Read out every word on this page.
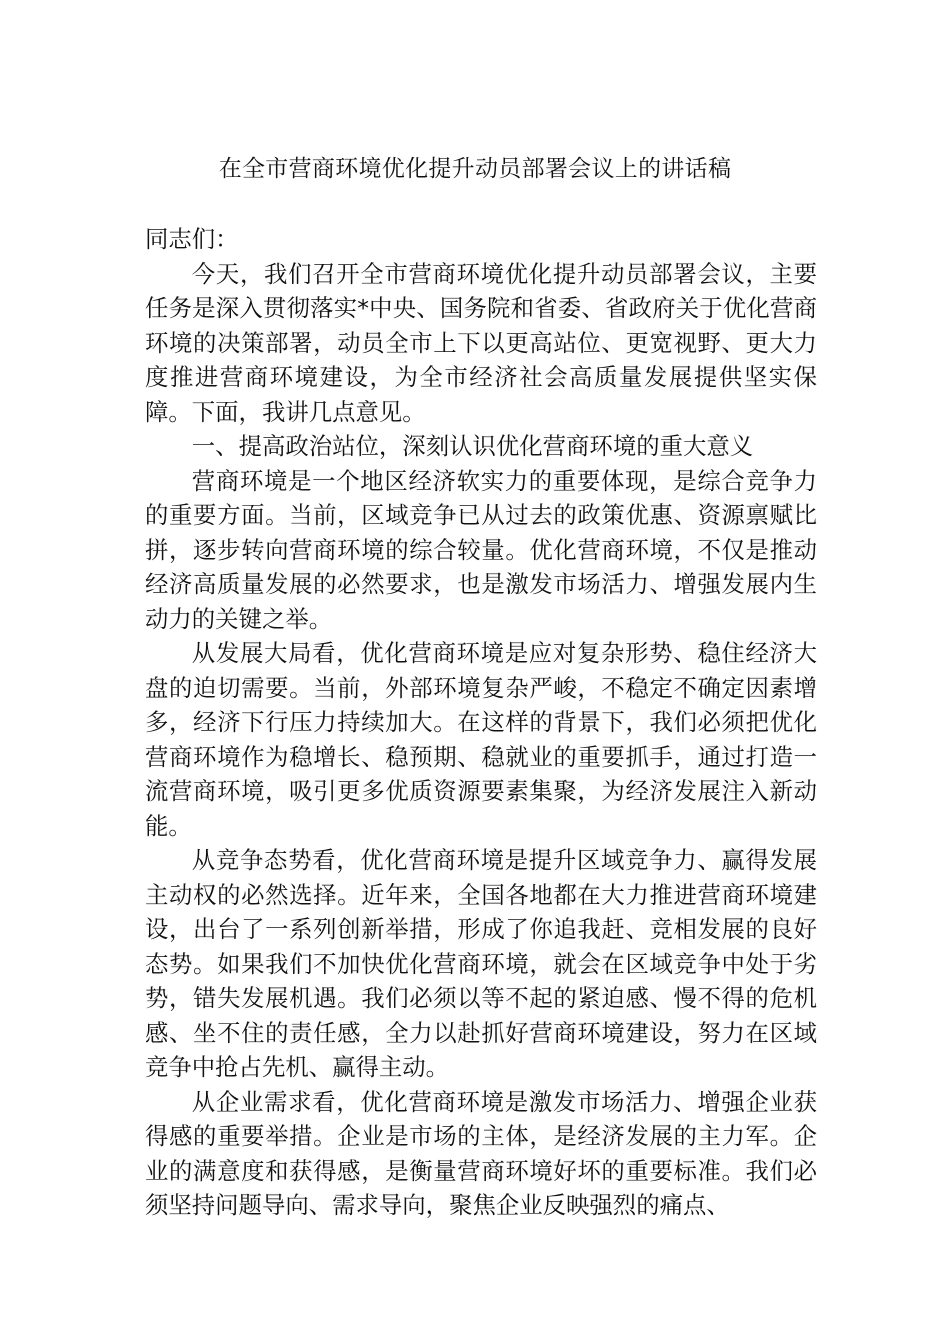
在全市营商环境优化提升动员部署会议上的讲话稿

同志们：

今天，我们召开全市营商环境优化提升动员部署会议，主要任务是深入贯彻落实*中央、国务院和省委、省政府关于优化营商环境的决策部署，动员全市上下以更高站位、更宽视野、更大力度推进营商环境建设，为全市经济社会高质量发展提供坚实保障。下面，我讲几点意见。

一、提高政治站位，深刻认识优化营商环境的重大意义

营商环境是一个地区经济软实力的重要体现，是综合竞争力的重要方面。当前，区域竞争已从过去的政策优惠、资源禀赋比拼，逐步转向营商环境的综合较量。优化营商环境，不仅是推动经济高质量发展的必然要求，也是激发市场活力、增强发展内生动力的关键之举。

从发展大局看，优化营商环境是应对复杂形势、稳住经济大盘的迫切需要。当前，外部环境复杂严峻，不稳定不确定因素增多，经济下行压力持续加大。在这样的背景下，我们必须把优化营商环境作为稳增长、稳预期、稳就业的重要抓手，通过打造一流营商环境，吸引更多优质资源要素集聚，为经济发展注入新动能。

从竞争态势看，优化营商环境是提升区域竞争力、赢得发展主动权的必然选择。近年来，全国各地都在大力推进营商环境建设，出台了一系列创新举措，形成了你追我赶、竞相发展的良好态势。如果我们不加快优化营商环境，就会在区域竞争中处于劣势，错失发展机遇。我们必须以等不起的紧迫感、慢不得的危机感、坐不住的责任感，全力以赴抓好营商环境建设，努力在区域竞争中抢占先机、赢得主动。

从企业需求看，优化营商环境是激发市场活力、增强企业获得感的重要举措。企业是市场的主体，是经济发展的主力军。企业的满意度和获得感，是衡量营商环境好坏的重要标准。我们必须坚持问题导向、需求导向，聚焦企业反映强烈的痛点、
